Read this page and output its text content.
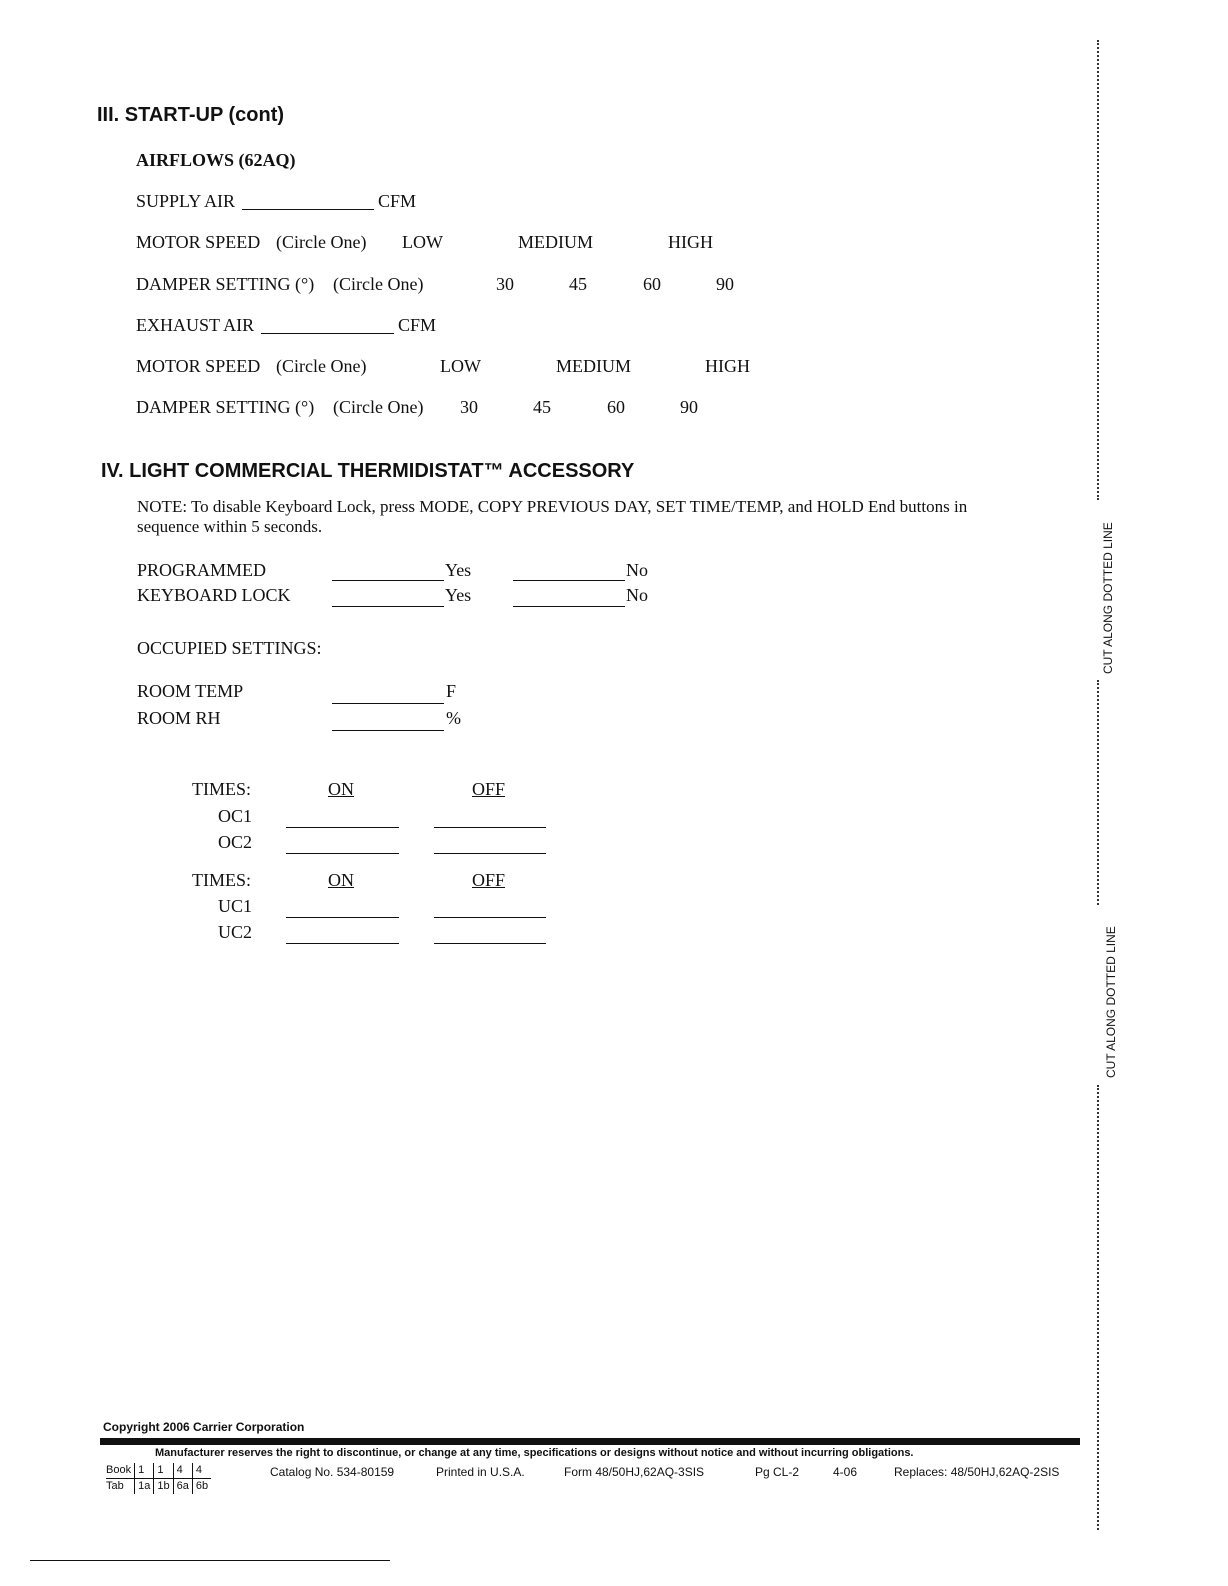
III. START-UP (cont)
AIRFLOWS (62AQ)
SUPPLY AIR	CFM
MOTOR SPEED (Circle One) LOW	MEDIUM	HIGH
DAMPER SETTING (°) (Circle One)	30	45	60	90
EXHAUST AIR	CFM
MOTOR SPEED (Circle One)	LOW	MEDIUM	HIGH
DAMPER SETTING (°) (Circle One) 30	45	60	90
IV. LIGHT COMMERCIAL THERMIDISTAT™ ACCESSORY
NOTE: To disable Keyboard Lock, press MODE, COPY PREVIOUS DAY, SET TIME/TEMP, and HOLD End buttons in
sequence within 5 seconds.
PROGRAMMED	Yes	No
KEYBOARD LOCK	Yes	No
OCCUPIED SETTINGS:
ROOM TEMP	F
ROOM RH	%
TIMES:	ON	OFF
OC1
OC2
TIMES:	ON	OFF
UC1
UC2
CUT ALONG DOTTED LINE
CUT ALONG DOTTED LINE
Copyright 2006 Carrier Corporation
Manufacturer reserves the right to discontinue, or change at any time, specifications or designs without notice and without incurring obligations.
Book	1	1	4	4
Tab	1a	1b	6a	6b
Catalog No. 534-80159	Printed in U.S.A.	Form 48/50HJ,62AQ-3SIS	Pg CL-2	4-06	Replaces: 48/50HJ,62AQ-2SIS
